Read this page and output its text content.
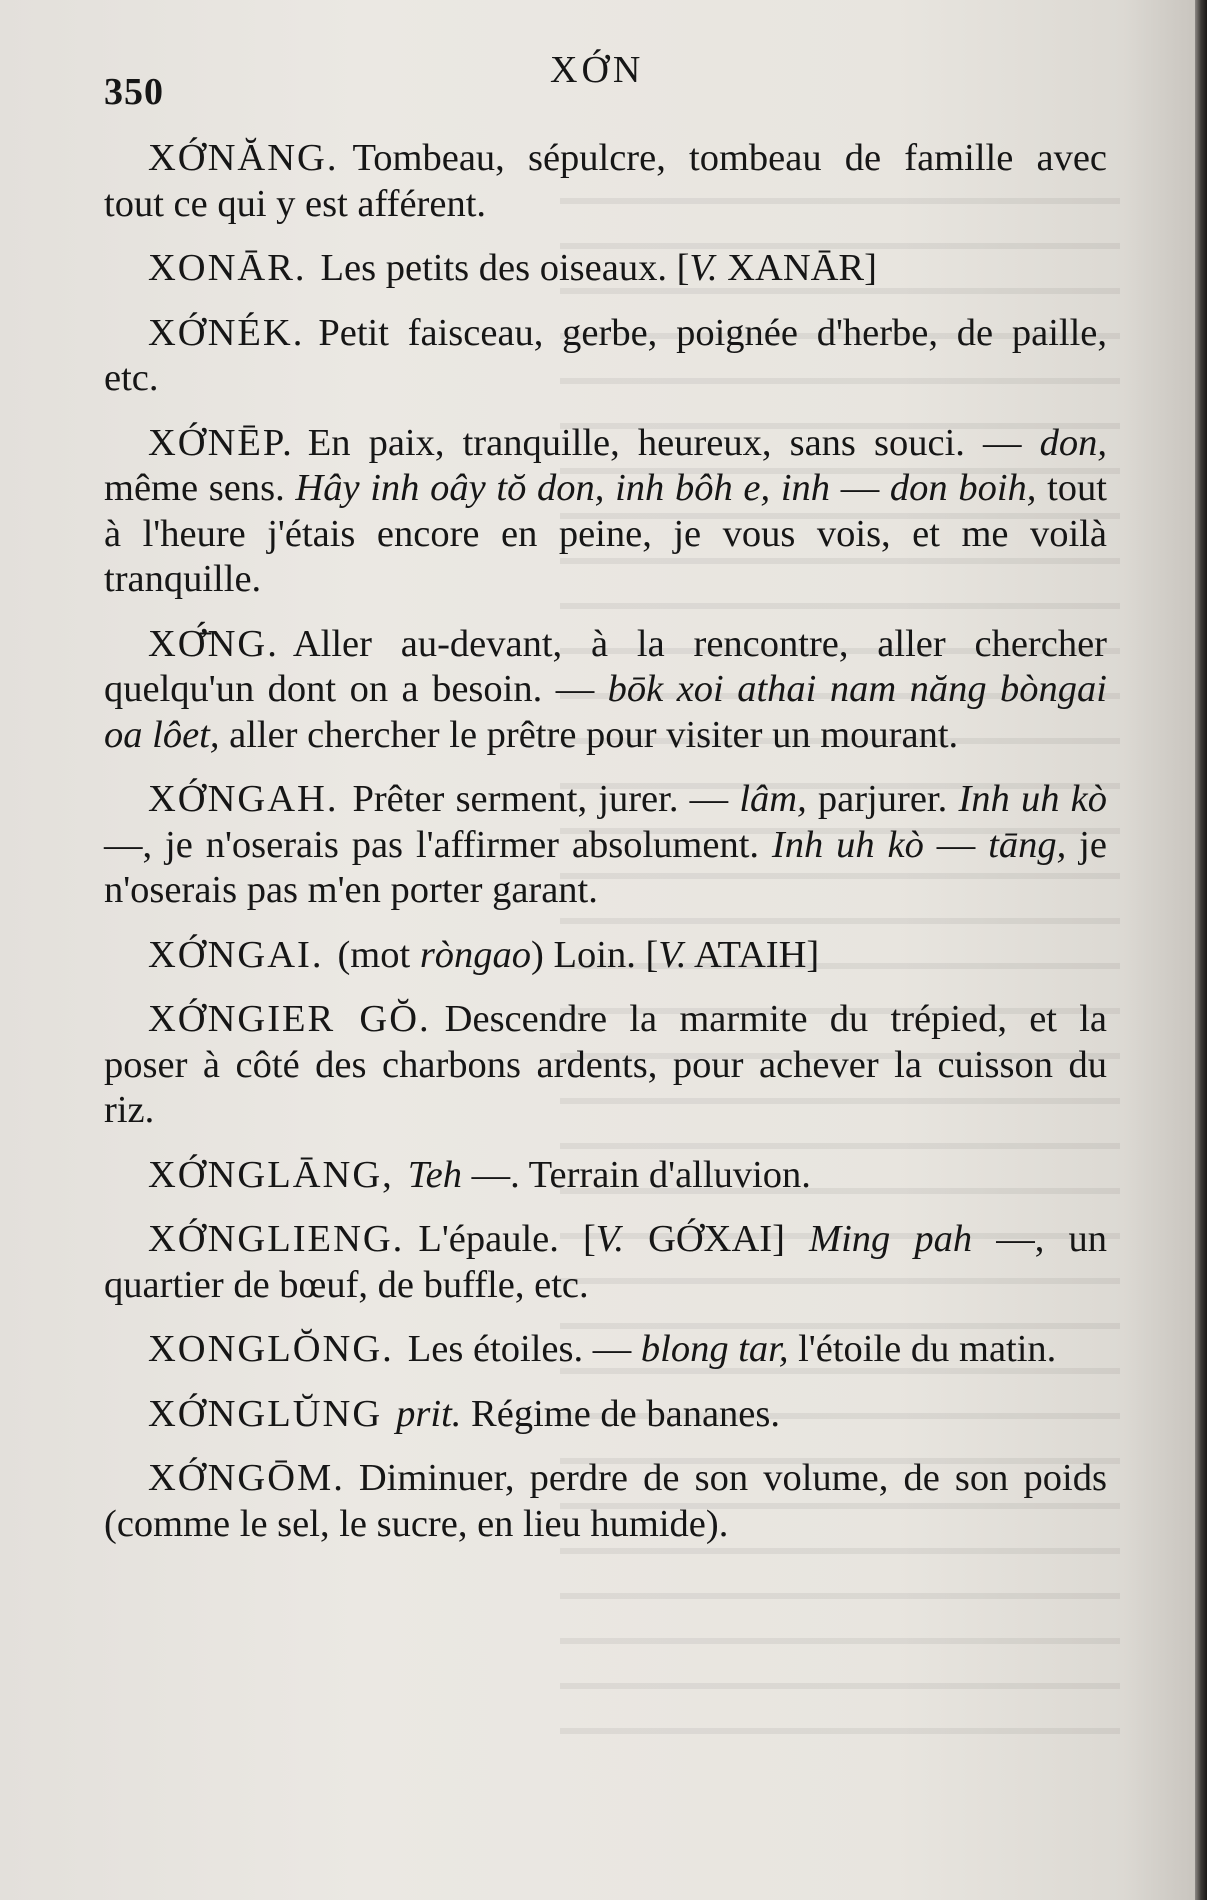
350
XỚN

XỚNĂNG. Tombeau, sépulcre, tombeau de famille avec tout ce qui y est afférent.

XONĀR. Les petits des oiseaux. [V. XANĀR]

XỚNÉK. Petit faisceau, gerbe, poignée d'herbe, de paille, etc.

XỚNĒP. En paix, tranquille, heureux, sans souci. — don, même sens. Hây inh oây tŏ don, inh bôh e, inh — don boih, tout à l'heure j'étais encore en peine, je vous vois, et me voilà tranquille.

XƠ̄́NG. Aller au-devant, à la rencontre, aller chercher quelqu'un dont on a besoin. — bōk xoi athai nam năng bòngai oa lôet, aller chercher le prêtre pour visiter un mourant.

XỚNGAH. Prêter serment, jurer. — lâm, parjurer. Inh uh kò —, je n'oserais pas l'affirmer absolument. Inh uh kò — tāng, je n'oserais pas m'en porter garant.

XỚNGAI. (mot ròngao) Loin. [V. ATAIH]

XỚNGIER GŎ. Descendre la marmite du trépied, et la poser à côté des charbons ardents, pour achever la cuisson du riz.

XỚNGLĀNG, Teh —. Terrain d'alluvion.

XỚNGLIENG. L'épaule. [V. GỚXAI] Ming pah —, un quartier de bœuf, de buffle, etc.

XONGLŎNG. Les étoiles. — blong tar, l'étoile du matin.

XỚNGLŬNG prit. Régime de bananes.

XỚNGŌM. Diminuer, perdre de son volume, de son poids (comme le sel, le sucre, en lieu humide).
